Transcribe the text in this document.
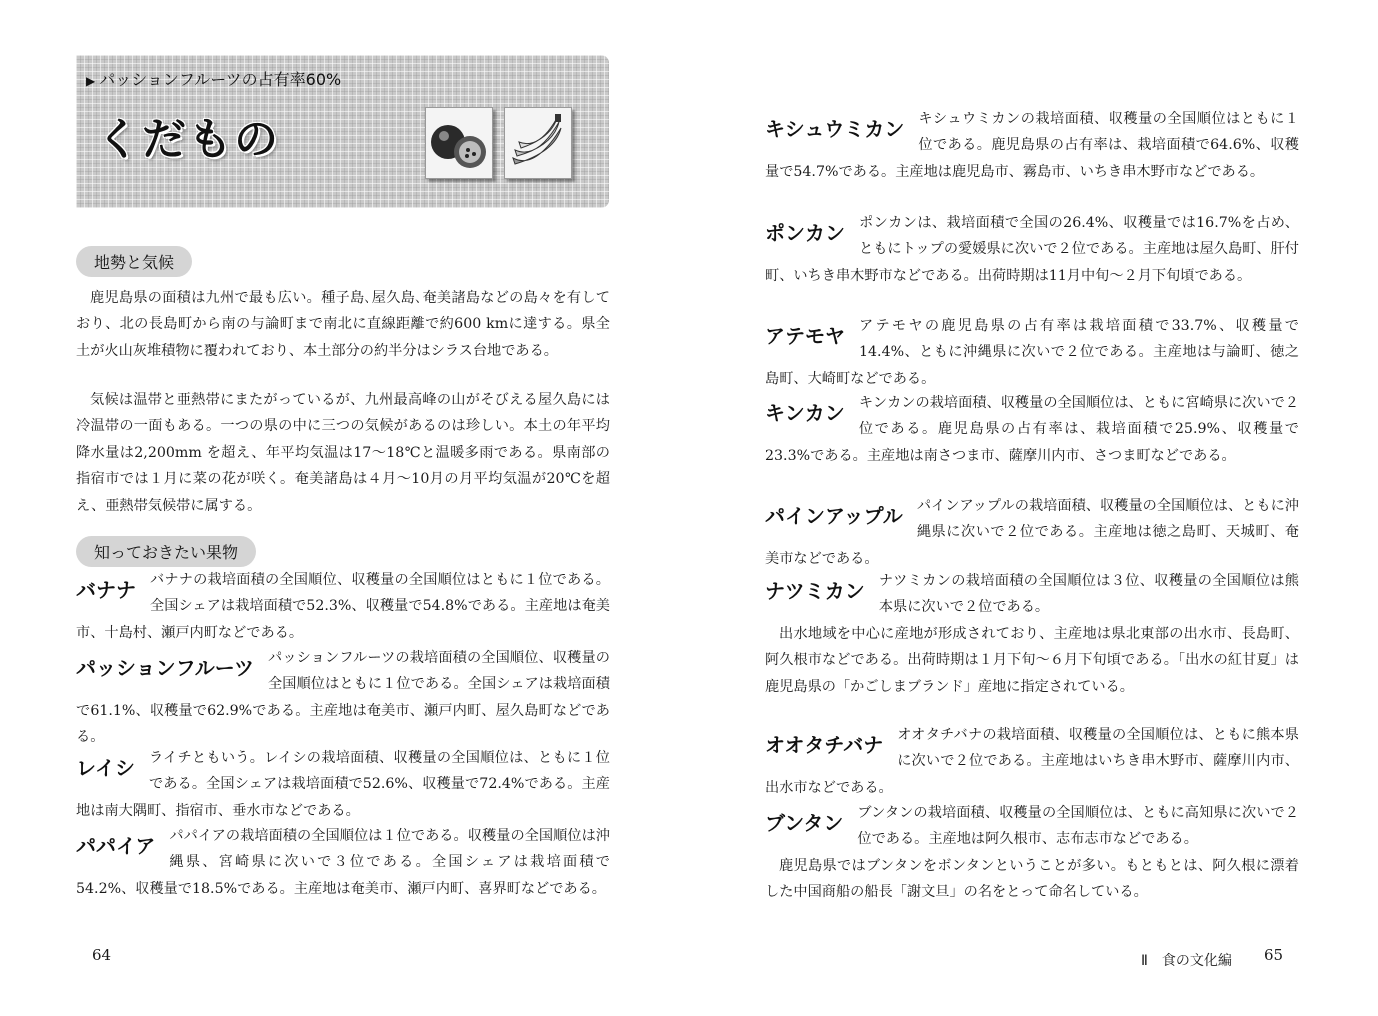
▶ パッションフルーツの占有率60%
くだもの
地勢と気候

鹿児島県の面積は九州で最も広い。種子島､屋久島､奄美諸島などの島々を有しており、北の長島町から南の与論町まで南北に直線距離で約600 kmに達する。県全土が火山灰堆積物に覆われており、本土部分の約半分はシラス台地である。

気候は温帯と亜熱帯にまたがっているが、九州最高峰の山がそびえる屋久島には冷温帯の一面もある。一つの県の中に三つの気候があるのは珍しい。本土の年平均降水量は2,200mm を超え、年平均気温は17～18℃と温暖多雨である。県南部の指宿市では１月に菜の花が咲く。奄美諸島は４月～10月の月平均気温が20℃を超え、亜熱帯気候帯に属する。

知っておきたい果物
バナナ バナナの栽培面積の全国順位、収穫量の全国順位はともに１位である。全国シェアは栽培面積で52.3%、収穫量で54.8%である。主産地は奄美市、十島村、瀬戸内町などである。

パッションフルーツ パッションフルーツの栽培面積の全国順位、収穫量の全国順位はともに１位である。全国シェアは栽培面積で61.1%、収穫量で62.9%である。主産地は奄美市、瀬戸内町、屋久島町などである。

レイシ ライチともいう。レイシの栽培面積、収穫量の全国順位は、ともに１位である。全国シェアは栽培面積で52.6%、収穫量で72.4%である。主産地は南大隅町、指宿市、垂水市などである。

パパイア パパイアの栽培面積の全国順位は１位である。収穫量の全国順位は沖縄県、宮崎県に次いで３位である。全国シェアは栽培面積で54.2%、収穫量で18.5%である。主産地は奄美市、瀬戸内町、喜界町などである。

64
キシュウミカン キシュウミカンの栽培面積、収穫量の全国順位はともに１位である。鹿児島県の占有率は、栽培面積で64.6%、収穫量で54.7%である。主産地は鹿児島市、霧島市、いちき串木野市などである。

ポンカン ポンカンは、栽培面積で全国の26.4%、収穫量では16.7%を占め、ともにトップの愛媛県に次いで２位である。主産地は屋久島町、肝付町、いちき串木野市などである。出荷時期は11月中旬～２月下旬頃である。

アテモヤ アテモヤの鹿児島県の占有率は栽培面積で33.7%、収穫量で14.4%、ともに沖縄県に次いで２位である。主産地は与論町、徳之島町、大崎町などである。

キンカン キンカンの栽培面積、収穫量の全国順位は、ともに宮崎県に次いで２位である。鹿児島県の占有率は、栽培面積で25.9%、収穫量で23.3%である。主産地は南さつま市、薩摩川内市、さつま町などである。

パインアップル パインアップルの栽培面積、収穫量の全国順位は、ともに沖縄県に次いで２位である。主産地は徳之島町、天城町、奄美市などである。

ナツミカン ナツミカンの栽培面積の全国順位は３位、収穫量の全国順位は熊本県に次いで２位である。

出水地域を中心に産地が形成されており、主産地は県北東部の出水市、長島町、阿久根市などである。出荷時期は１月下旬～６月下旬頃である。「出水の紅甘夏」は鹿児島県の「かごしまブランド」産地に指定されている。

オオタチバナ オオタチバナの栽培面積、収穫量の全国順位は、ともに熊本県に次いで２位である。主産地はいちき串木野市、薩摩川内市、出水市などである。

ブンタン ブンタンの栽培面積、収穫量の全国順位は、ともに高知県に次いで２位である。主産地は阿久根市、志布志市などである。

鹿児島県ではブンタンをボンタンということが多い。もともとは、阿久根に漂着した中国商船の船長「謝文旦」の名をとって命名している。

Ⅱ　食の文化編 65
